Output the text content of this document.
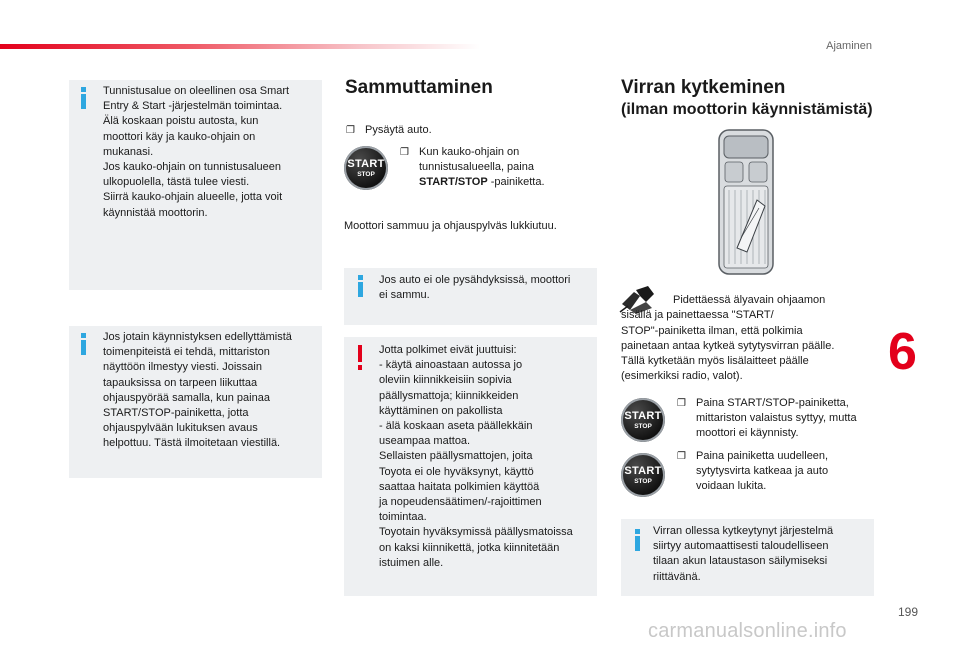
Ajaminen
Tunnistusalue on oleellinen osa Smart
Entry & Start -järjestelmän toimintaa.
Älä koskaan poistu autosta, kun
moottori käy ja kauko-ohjain on
mukanasi.
Jos kauko-ohjain on tunnistusalueen
ulkopuolella, tästä tulee viesti.
Siirrä kauko-ohjain alueelle, jotta voit
käynnistää moottorin.
Jos jotain käynnistyksen edellyttämistä
toimenpiteistä ei tehdä, mittariston
näyttöön ilmestyy viesti. Joissain
tapauksissa on tarpeen liikuttaa
ohjauspyörää samalla, kun painaa
START/STOP-painiketta, jotta
ohjauspylvään lukituksen avaus
helpottuu. Tästä ilmoitetaan viestillä.
Sammuttaminen
❐ Pysäytä auto.
START
STOP
❐ Kun kauko-ohjain on
tunnistusalueella, paina
START/STOP -painiketta.
Moottori sammuu ja ohjauspylväs lukkiutuu.
Jos auto ei ole pysähdyksissä, moottori
ei sammu.
Jotta polkimet eivät juuttuisi:
- käytä ainoastaan autossa jo
oleviin kiinnikkeisiin sopivia
päällysmattoja; kiinnikkeiden
käyttäminen on pakollista
- älä koskaan aseta päällekkäin
useampaa mattoa.
Sellaisten päällysmattojen, joita
Toyota ei ole hyväksynyt, käyttö
saattaa haitata polkimien käyttöä
ja nopeudensäätimen/-rajoittimen
toimintaa.
Toyotain hyväksymissä päällysmatoissa
on kaksi kiinnikettä, jotka kiinnitetään
istuimen alle.
Virran kytkeminen
(ilman moottorin käynnistämistä)

Pidettäessä älyavain ohjaamon
sisällä ja painettaessa "START/
STOP"-painiketta ilman, että polkimia
painetaan antaa kytkeä sytytysvirran päälle.
Tällä kytketään myös lisälaitteet päälle
(esimerkiksi radio, valot).

START
STOP
❐ Paina START/STOP-painiketta,
mittariston valaistus syttyy, mutta
moottori ei käynnisty.
START
STOP
❐ Paina painiketta uudelleen,
sytytysvirta katkeaa ja auto
voidaan lukita.
Virran ollessa kytkeytynyt järjestelmä
siirtyy automaattisesti taloudelliseen
tilaan akun lataustason säilymiseksi
riittävänä.
6
199
carmanualsonline.info
